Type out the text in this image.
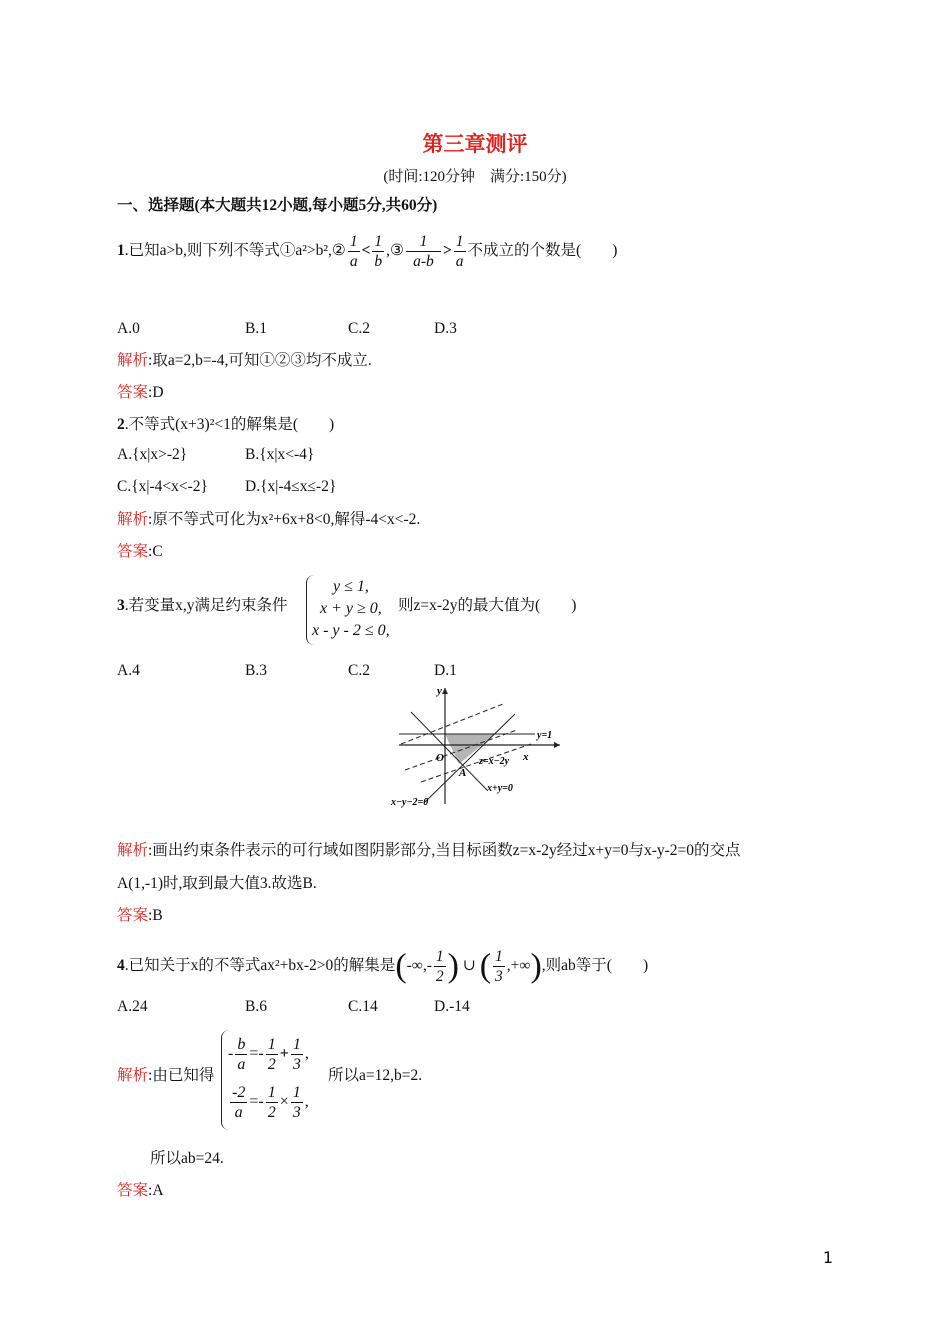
第三章测评
(时间:120分钟　满分:150分)
一、选择题(本大题共12小题,每小题5分,共60分)
1.已知a>b,则下列不等式①a²>b²,② $\frac{1}{a} < \frac{1}{b}$ ,③ $\frac{1}{a-b} > \frac{1}{a}$ 不成立的个数是(　　)
A.0	B.1	C.2	D.3
解析:取a=2,b=-4,可知①②③均不成立.
答案:D
2.不等式(x+3)²<1的解集是(　　)
A.{x|x>-2}	B.{x|x<-4}
C.{x|-4<x<-2} D.{x|-4≤x≤-2}
解析:原不等式可化为x²+6x+8<0,解得-4<x<-2.
答案:C
3.若变量x,y满足约束条件
y ≤ 1,
x + y ≥ 0,
x - y - 2 ≤ 0,
则z=x-2y的最大值为(　　)
A.4	B.3	C.2	D.1
y
x
O
A
y=1
z=x−2y
x+y=0
x−y−2=0
解析:画出约束条件表示的可行域如图阴影部分,当目标函数z=x-2y经过x+y=0与x-y-2=0的交点
A(1,-1)时,取到最大值3.故选B.
答案:B
4.已知关于x的不等式ax²+bx-2>0的解集是(-∞,- $\frac{1}{2}$ ) ∪ ( $\frac{1}{3}$ ,+∞),则ab等于(　　)
A.24	B.6	C.14	D.-14
解析:由已知得
- $\frac{b}{a} =- \frac{1}{2} + \frac{1}{3}$ ,
$\frac{-2}{a} =- \frac{1}{2} \times \frac{1}{3}$ ,
所以a=12,b=2.
所以ab=24.
答案:A
1
